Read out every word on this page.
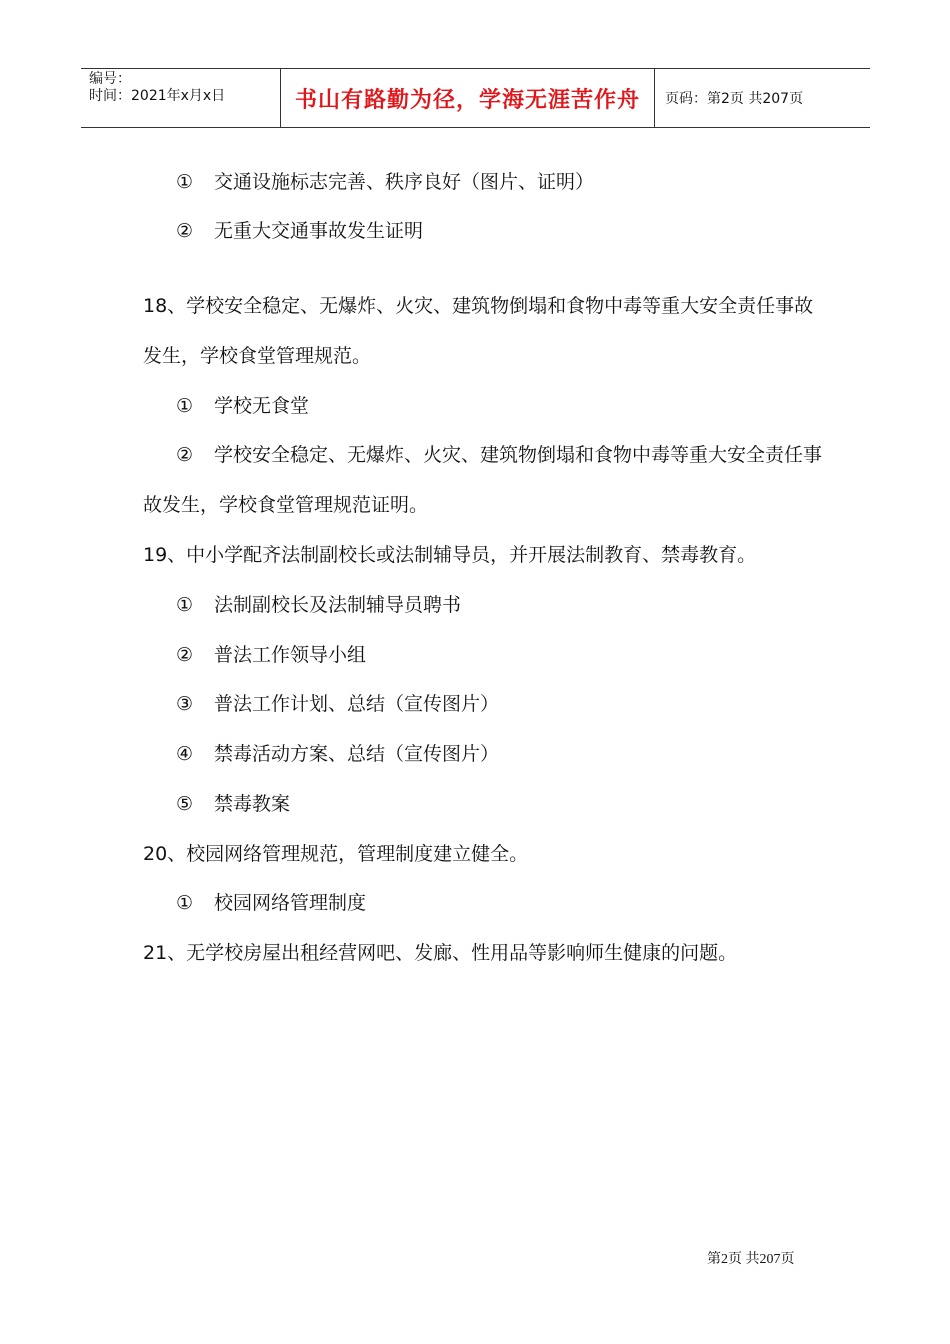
编号：
时间：2021年x月x日	书山有路勤为径，学海无涯苦作舟 页码：第2页 共207页
① 交通设施标志完善、秩序良好（图片、证明）
② 无重大交通事故发生证明
18、学校安全稳定、无爆炸、火灾、建筑物倒塌和食物中毒等重大安全责任事故
发生，学校食堂管理规范。
① 学校无食堂
② 学校安全稳定、无爆炸、火灾、建筑物倒塌和食物中毒等重大安全责任事
故发生，学校食堂管理规范证明。
19、中小学配齐法制副校长或法制辅导员，并开展法制教育、禁毒教育。
① 法制副校长及法制辅导员聘书
② 普法工作领导小组
③ 普法工作计划、总结（宣传图片）
④ 禁毒活动方案、总结（宣传图片）
⑤ 禁毒教案
20、校园网络管理规范，管理制度建立健全。
① 校园网络管理制度
21、无学校房屋出租经营网吧、发廊、性用品等影响师生健康的问题。
第2页 共207页
